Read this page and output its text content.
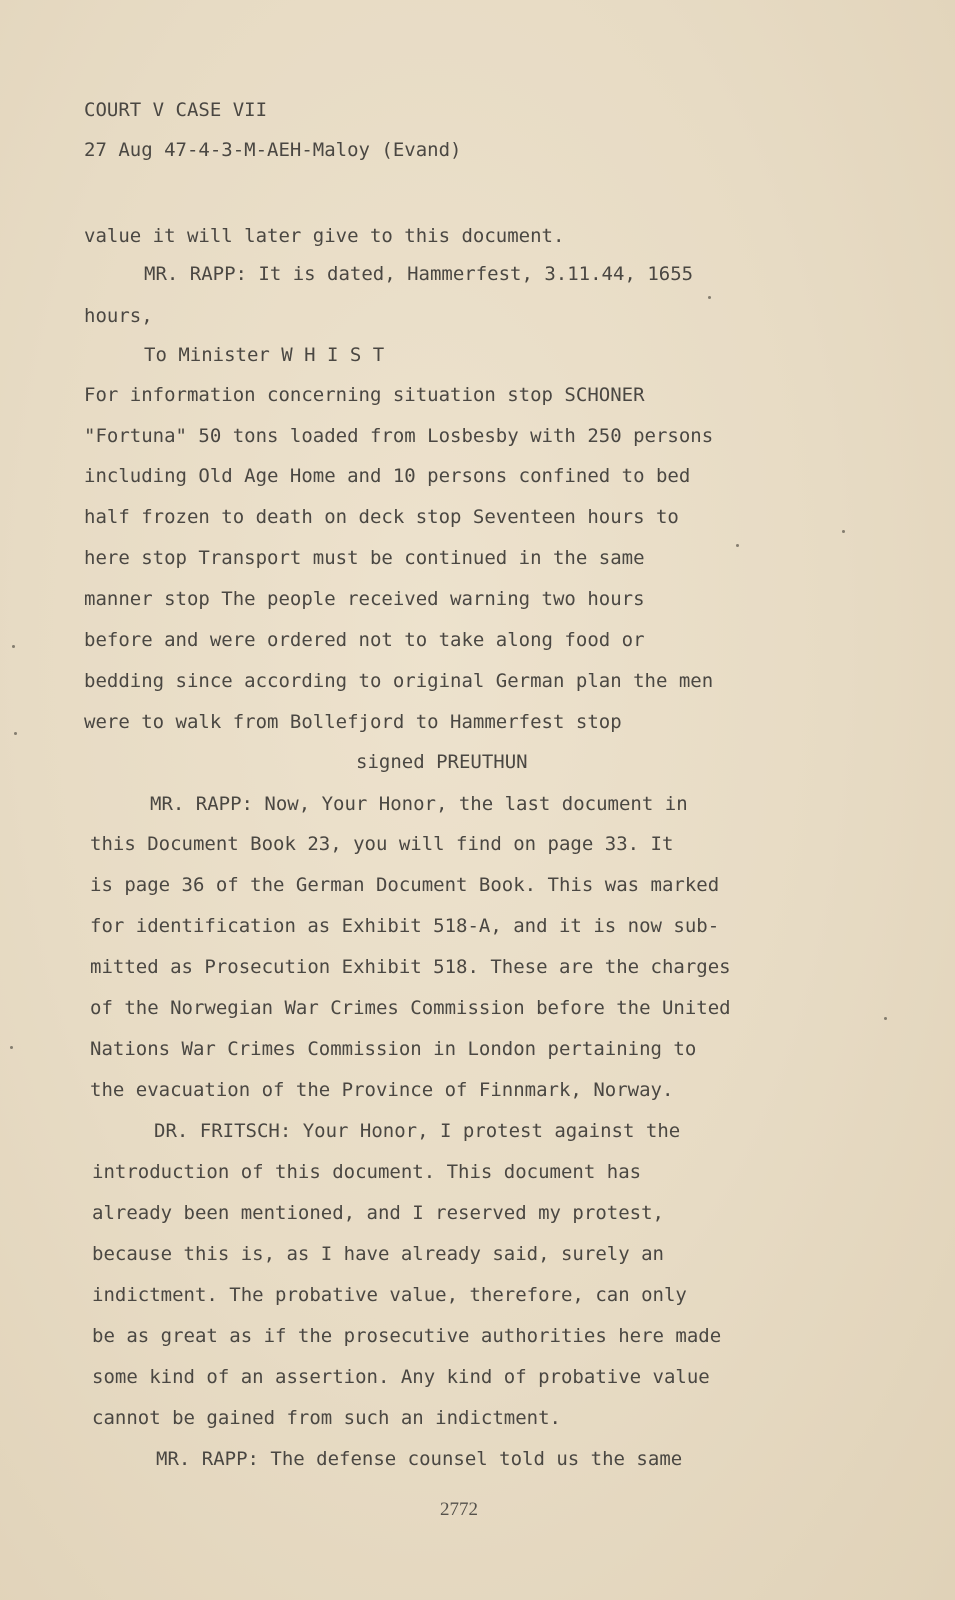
COURT V CASE VII
27 Aug 47-4-3-M-AEH-Maloy (Evand)
value it will later give to this document.
MR. RAPP: It is dated, Hammerfest, 3.11.44, 1655
hours,
To Minister W H I S T
For information concerning situation stop SCHONER
"Fortuna" 50 tons loaded from Losbesby with 250 persons
including Old Age Home and 10 persons confined to bed
half frozen to death on deck stop Seventeen hours to
here stop Transport must be continued in the same
manner stop The people received warning two hours
before and were ordered not to take along food or
bedding since according to original German plan the men
were to walk from Bollefjord to Hammerfest stop
signed PREUTHUN
MR. RAPP: Now, Your Honor, the last document in
this Document Book 23, you will find on page 33. It
is page 36 of the German Document Book. This was marked
for identification as Exhibit 518-A, and it is now sub-
mitted as Prosecution Exhibit 518. These are the charges
of the Norwegian War Crimes Commission before the United
Nations War Crimes Commission in London pertaining to
the evacuation of the Province of Finnmark, Norway.
DR. FRITSCH: Your Honor, I protest against the
introduction of this document. This document has
already been mentioned, and I reserved my protest,
because this is, as I have already said, surely an
indictment. The probative value, therefore, can only
be as great as if the prosecutive authorities here made
some kind of an assertion. Any kind of probative value
cannot be gained from such an indictment.
MR. RAPP: The defense counsel told us the same
2772
